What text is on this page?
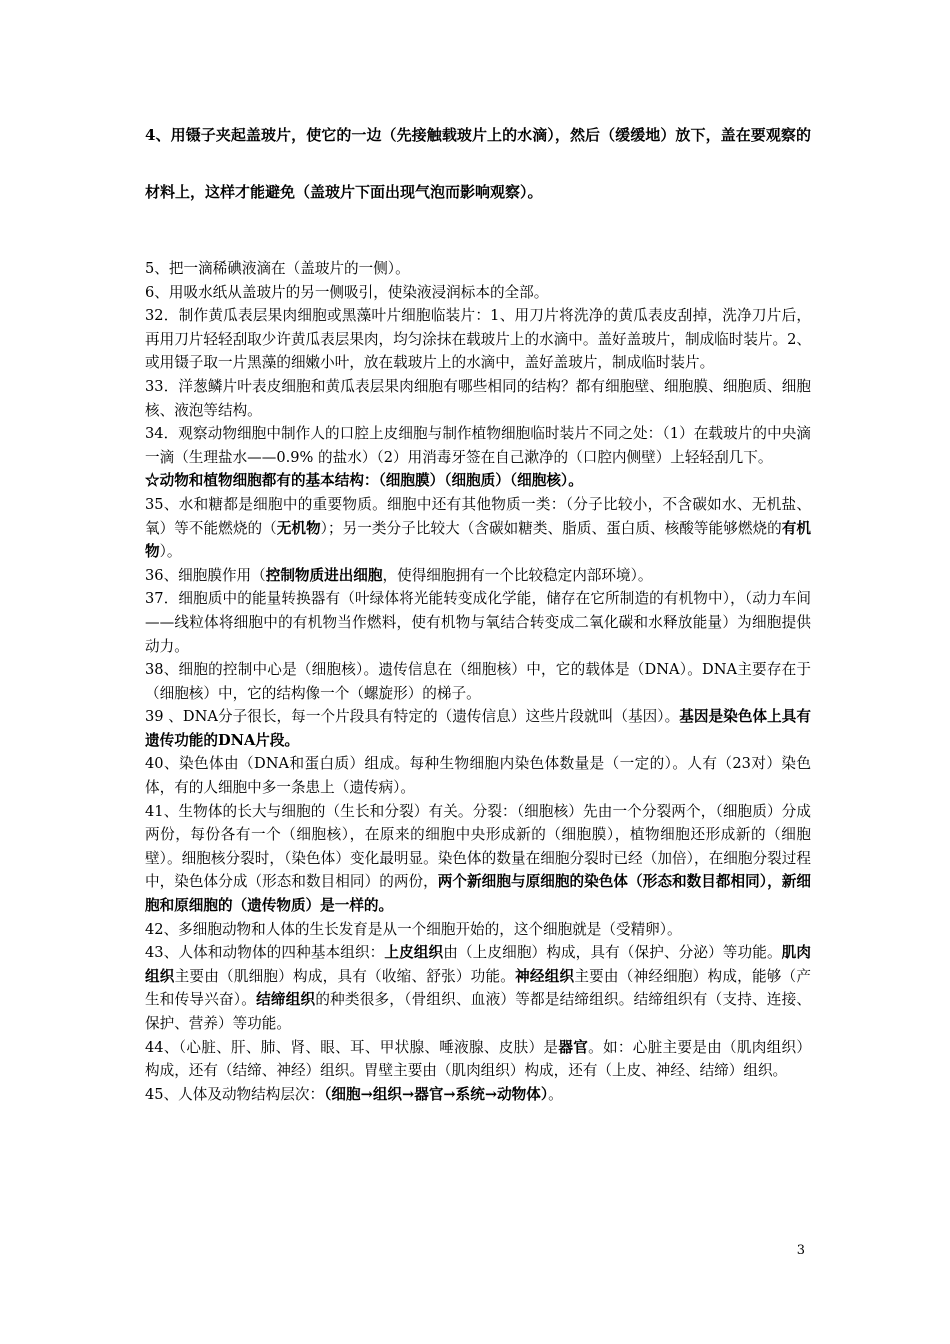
4、用镊子夹起盖玻片，使它的一边（先接触载玻片上的水滴），然后（缓缓地）放下，盖在要观察的材料上，这样才能避免（盖玻片下面出现气泡而影响观察）。

5、把一滴稀碘液滴在（盖玻片的一侧）。

6、用吸水纸从盖玻片的另一侧吸引，使染液浸润标本的全部。

32．制作黄瓜表层果肉细胞或黑藻叶片细胞临装片：1、用刀片将洗净的黄瓜表皮刮掉，洗净刀片后，再用刀片轻轻刮取少许黄瓜表层果肉，均匀涂抹在载玻片上的水滴中。盖好盖玻片，制成临时装片。2、或用镊子取一片黑藻的细嫩小叶，放在载玻片上的水滴中，盖好盖玻片，制成临时装片。

33．洋葱鳞片叶表皮细胞和黄瓜表层果肉细胞有哪些相同的结构？都有细胞壁、细胞膜、细胞质、细胞核、液泡等结构。

34．观察动物细胞中制作人的口腔上皮细胞与制作植物细胞临时装片不同之处：（1）在载玻片的中央滴一滴（生理盐水——0.9% 的盐水）（2）用消毒牙签在自己漱净的（口腔内侧壁）上轻轻刮几下。

☆动物和植物细胞都有的基本结构：（细胞膜）（细胞质）（细胞核）。

35、水和糖都是细胞中的重要物质。细胞中还有其他物质一类：（分子比较小，不含碳如水、无机盐、氧）等不能燃烧的（无机物）；另一类分子比较大（含碳如糖类、脂质、蛋白质、核酸等能够燃烧的有机物）。

36、细胞膜作用（控制物质进出细胞，使得细胞拥有一个比较稳定内部环境）。

37．细胞质中的能量转换器有（叶绿体将光能转变成化学能，储存在它所制造的有机物中），（动力车间——线粒体将细胞中的有机物当作燃料，使有机物与氧结合转变成二氧化碳和水释放能量）为细胞提供动力。

38、细胞的控制中心是（细胞核）。遗传信息在（细胞核）中，它的载体是（DNA）。DNA主要存在于（细胞核）中，它的结构像一个（螺旋形）的梯子。

39 、DNA分子很长，每一个片段具有特定的（遗传信息）这些片段就叫（基因）。基因是染色体上具有遗传功能的DNA片段。

40、染色体由（DNA和蛋白质）组成。每种生物细胞内染色体数量是（一定的）。人有（23对）染色体，有的人细胞中多一条患上（遗传病）。

41、生物体的长大与细胞的（生长和分裂）有关。分裂：（细胞核）先由一个分裂两个，（细胞质）分成两份，每份各有一个（细胞核），在原来的细胞中央形成新的（细胞膜），植物细胞还形成新的（细胞壁）。细胞核分裂时，（染色体）变化最明显。染色体的数量在细胞分裂时已经（加倍），在细胞分裂过程中，染色体分成（形态和数目相同）的两份，两个新细胞与原细胞的染色体（形态和数目都相同），新细胞和原细胞的（遗传物质）是一样的。

42、多细胞动物和人体的生长发育是从一个细胞开始的，这个细胞就是（受精卵）。

43、人体和动物体的四种基本组织：上皮组织由（上皮细胞）构成，具有（保护、分泌）等功能。肌肉组织主要由（肌细胞）构成，具有（收缩、舒张）功能。神经组织主要由（神经细胞）构成，能够（产生和传导兴奋）。结缔组织的种类很多，（骨组织、血液）等都是结缔组织。结缔组织有（支持、连接、保护、营养）等功能。

44、（心脏、肝、肺、肾、眼、耳、甲状腺、唾液腺、皮肤）是器官。如：心脏主要是由（肌肉组织）构成，还有（结缔、神经）组织。胃壁主要由（肌肉组织）构成，还有（上皮、神经、结缔）组织。

45、人体及动物结构层次：（细胞→组织→器官→系统→动物体）。

3
